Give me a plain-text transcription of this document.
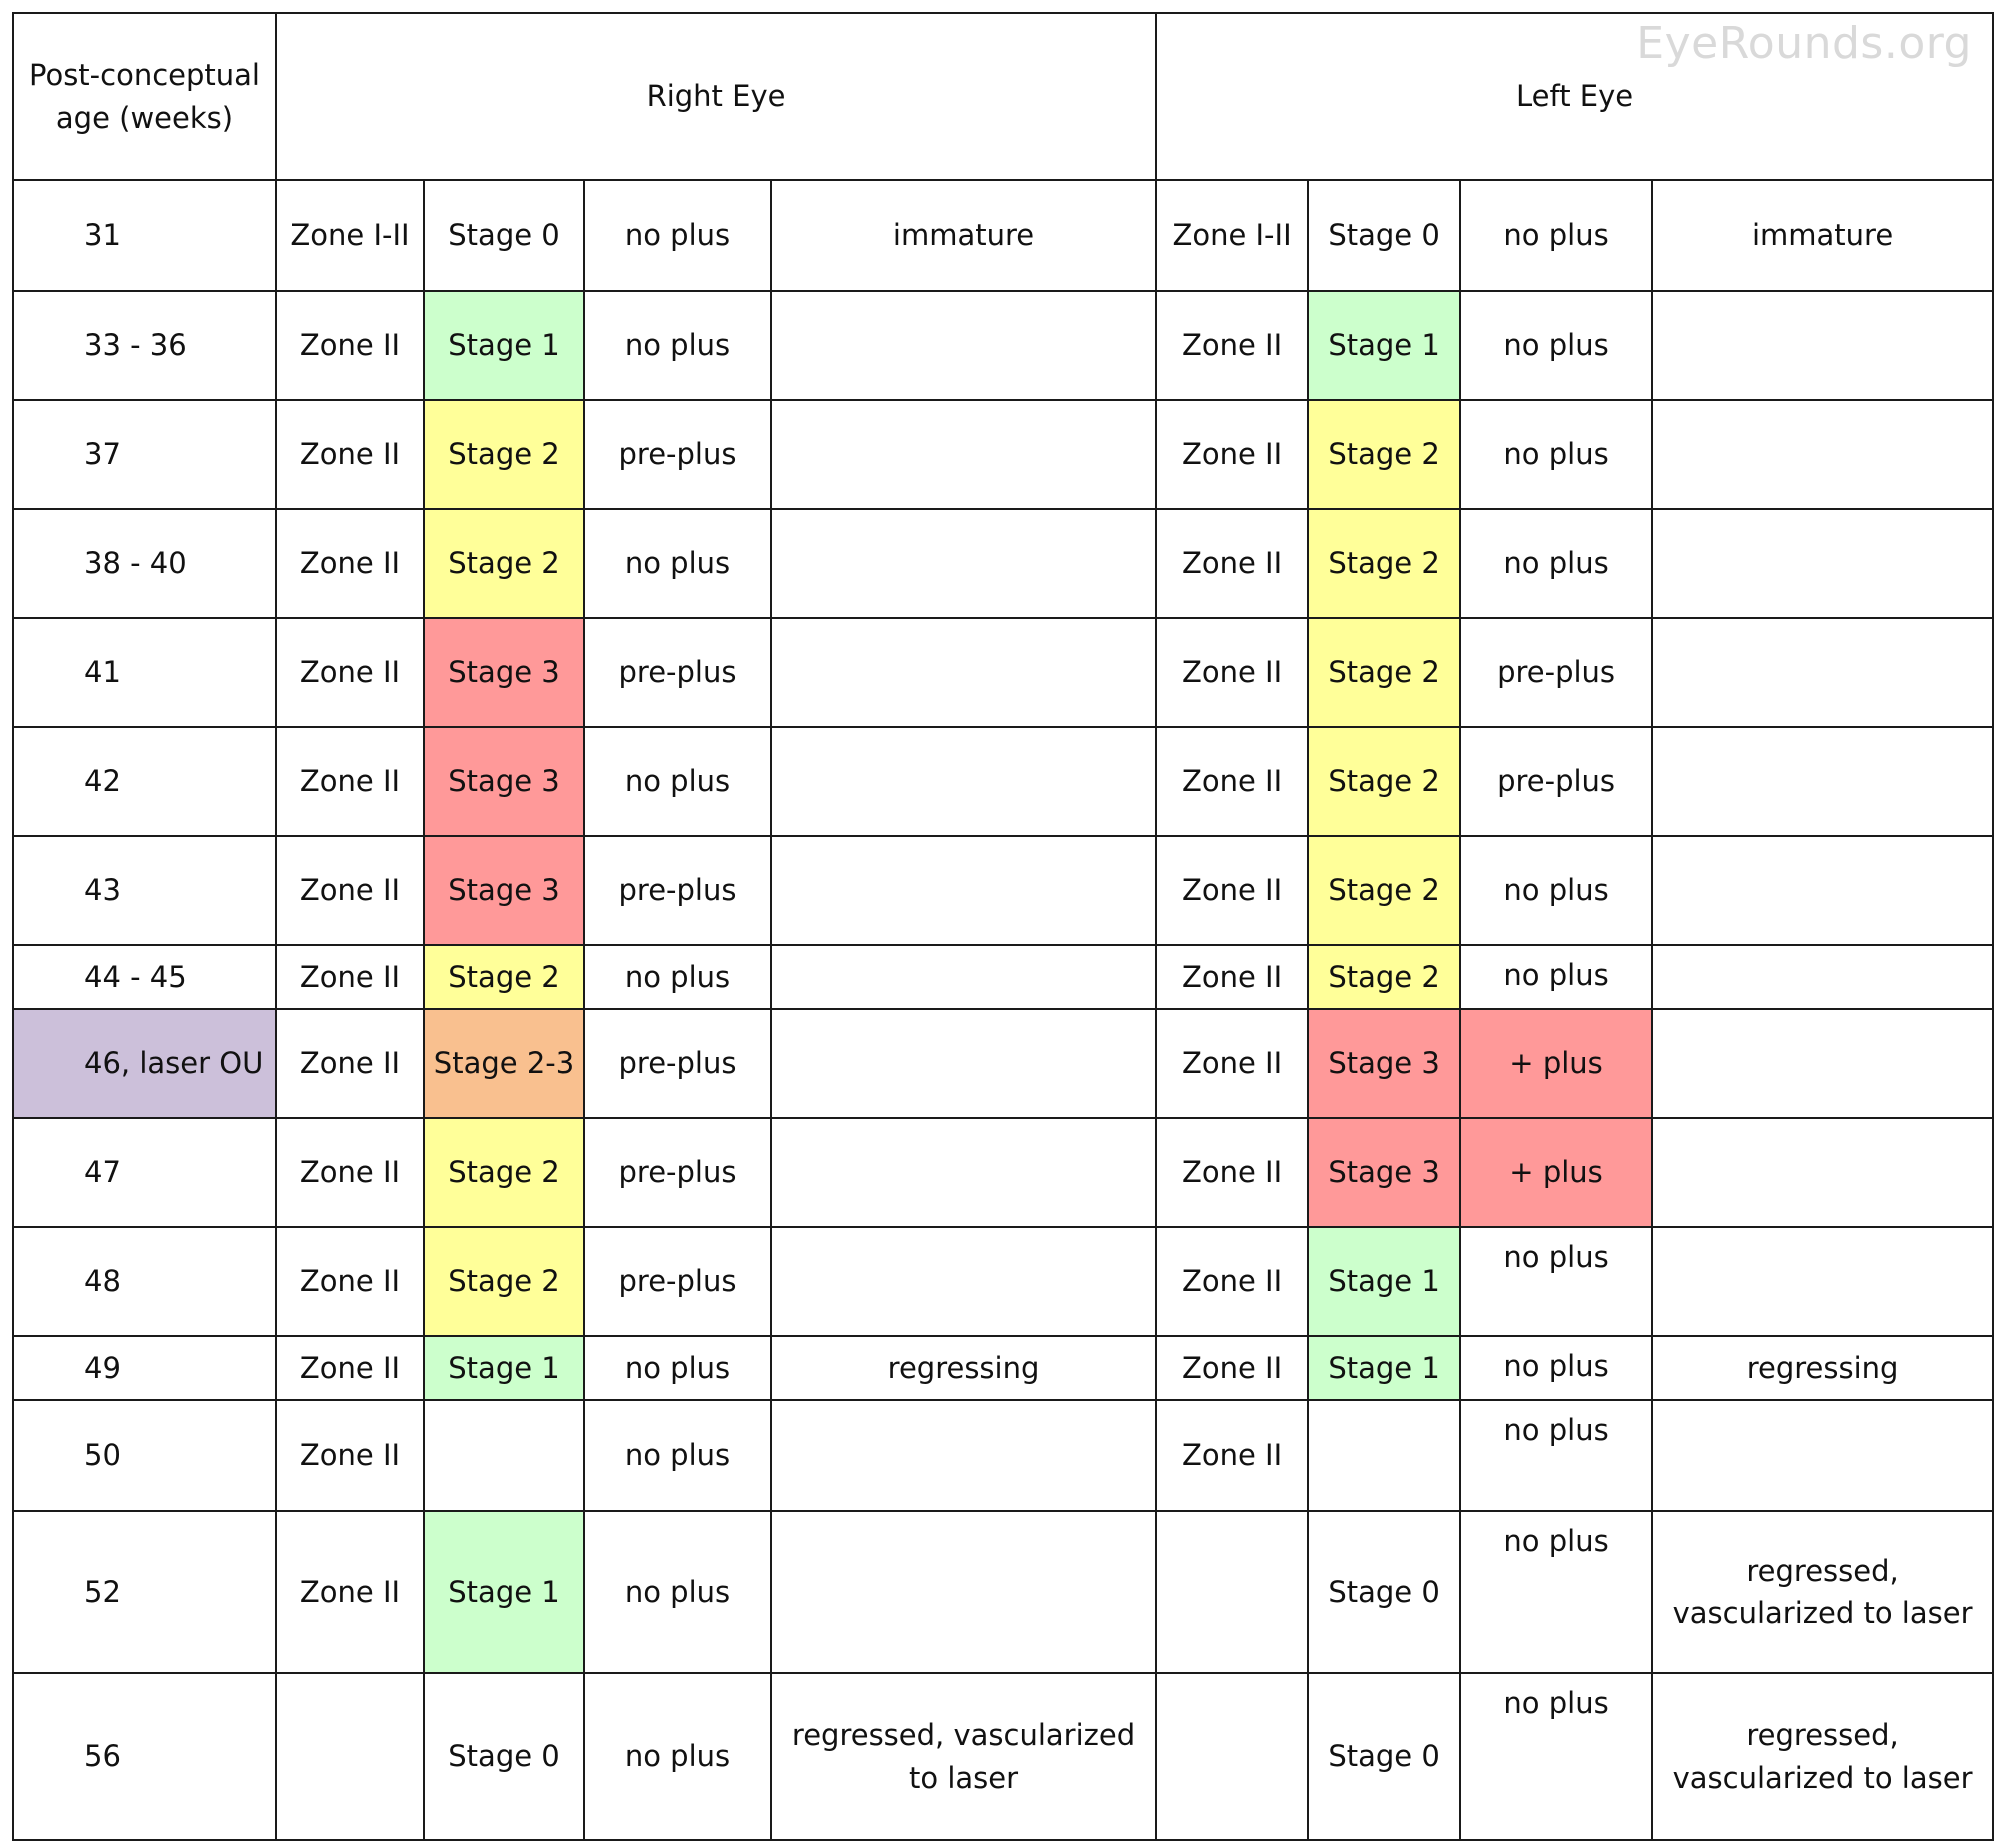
EyeRounds.org
Post-conceptual age (weeks)	Right Eye				Left Eye			
31	Zone I-II	Stage 0	no plus	immature	Zone I-II	Stage 0	no plus	immature
33 - 36	Zone II	Stage 1	no plus		Zone II	Stage 1	no plus	
37	Zone II	Stage 2	pre-plus		Zone II	Stage 2	no plus	
38 - 40	Zone II	Stage 2	no plus		Zone II	Stage 2	no plus	
41	Zone II	Stage 3	pre-plus		Zone II	Stage 2	pre-plus	
42	Zone II	Stage 3	no plus		Zone II	Stage 2	pre-plus	
43	Zone II	Stage 3	pre-plus		Zone II	Stage 2	no plus	
44 - 45	Zone II	Stage 2	no plus		Zone II	Stage 2	no plus	
46, laser OU	Zone II	Stage 2-3	pre-plus		Zone II	Stage 3	+ plus	
47	Zone II	Stage 2	pre-plus		Zone II	Stage 3	+ plus	
48	Zone II	Stage 2	pre-plus		Zone II	Stage 1	no plus	
49	Zone II	Stage 1	no plus	regressing	Zone II	Stage 1	no plus	regressing
50	Zone II		no plus		Zone II		no plus	
52	Zone II	Stage 1	no plus			Stage 0	no plus	regressed, vascularized to laser
56		Stage 0	no plus	regressed, vascularized to laser		Stage 0	no plus	regressed, vascularized to laser
